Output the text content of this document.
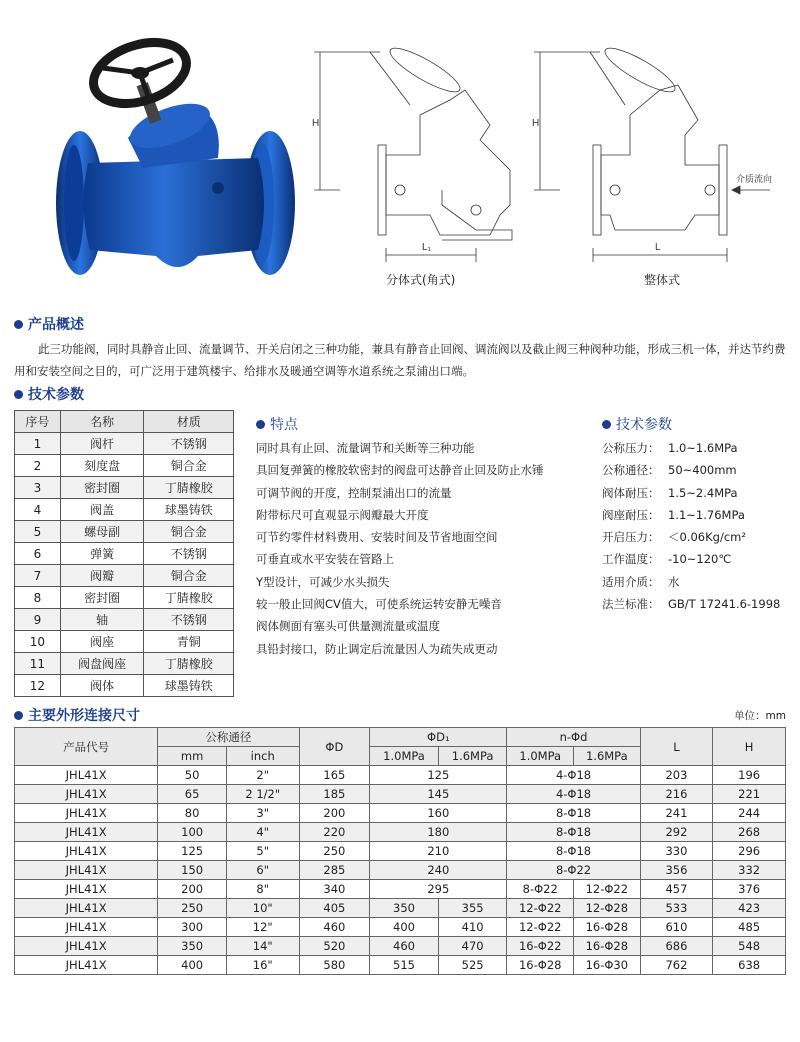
H	H
L₁	L
介质流向
分体式(角式)	整体式
产品概述

此三功能阀，同时具静音止回、流量调节、开关启闭之三种功能，兼具有静音止回阀、调流阀以及截止阀三种阀种功能，形成三机一体，并达节约费用和安装空间之目的，可广泛用于建筑楼宇、给排水及暖通空调等水道系统之泵浦出口端。

技术参数
序号	名称	材质
1	阀杆	不锈钢
2	刻度盘	铜合金
3	密封圈	丁腈橡胶
4	阀盖	球墨铸铁
5	螺母副	铜合金
6	弹簧	不锈钢
7	阀瓣	铜合金
8	密封圈	丁腈橡胶
9	轴	不锈钢
10	阀座	青铜
11	阀盘阀座	丁腈橡胶
12	阀体	球墨铸铁
特点
同时具有止回、流量调节和关断等三种功能
具回复弹簧的橡胶软密封的阀盘可达静音止回及防止水锤
可调节阀的开度，控制泵浦出口的流量
附带标尺可直观显示阀瓣最大开度
可节约零件材料费用、安装时间及节省地面空间
可垂直或水平安装在管路上
Y型设计，可减少水头损失
较一般止回阀CV值大，可使系统运转安静无噪音
阀体侧面有塞头可供量测流量或温度
具铅封接口，防止调定后流量因人为疏失成更动
技术参数
公称压力： 1.0~1.6MPa
公称通径： 50~400mm
阀体耐压： 1.5~2.4MPa
阀座耐压： 1.1~1.76MPa
开启压力： ＜0.06Kg/cm²
工作温度： -10~120℃
适用介质： 水
法兰标准： GB/T 17241.6-1998
主要外形连接尺寸	单位：mm
产品代号	公称通径		ΦD	ΦD₁		n-Φd		L	H
	mm	inch		1.0MPa	1.6MPa	1.0MPa	1.6MPa		
JHL41X	50	2"	165	125		4-Φ18		203	196
JHL41X	65	2 1/2"	185	145		4-Φ18		216	221
JHL41X	80	3"	200	160		8-Φ18		241	244
JHL41X	100	4"	220	180		8-Φ18		292	268
JHL41X	125	5"	250	210		8-Φ18		330	296
JHL41X	150	6"	285	240		8-Φ22		356	332
JHL41X	200	8"	340	295		8-Φ22	12-Φ22	457	376
JHL41X	250	10"	405	350	355	12-Φ22	12-Φ28	533	423
JHL41X	300	12"	460	400	410	12-Φ22	16-Φ28	610	485
JHL41X	350	14"	520	460	470	16-Φ22	16-Φ28	686	548
JHL41X	400	16"	580	515	525	16-Φ28	16-Φ30	762	638
